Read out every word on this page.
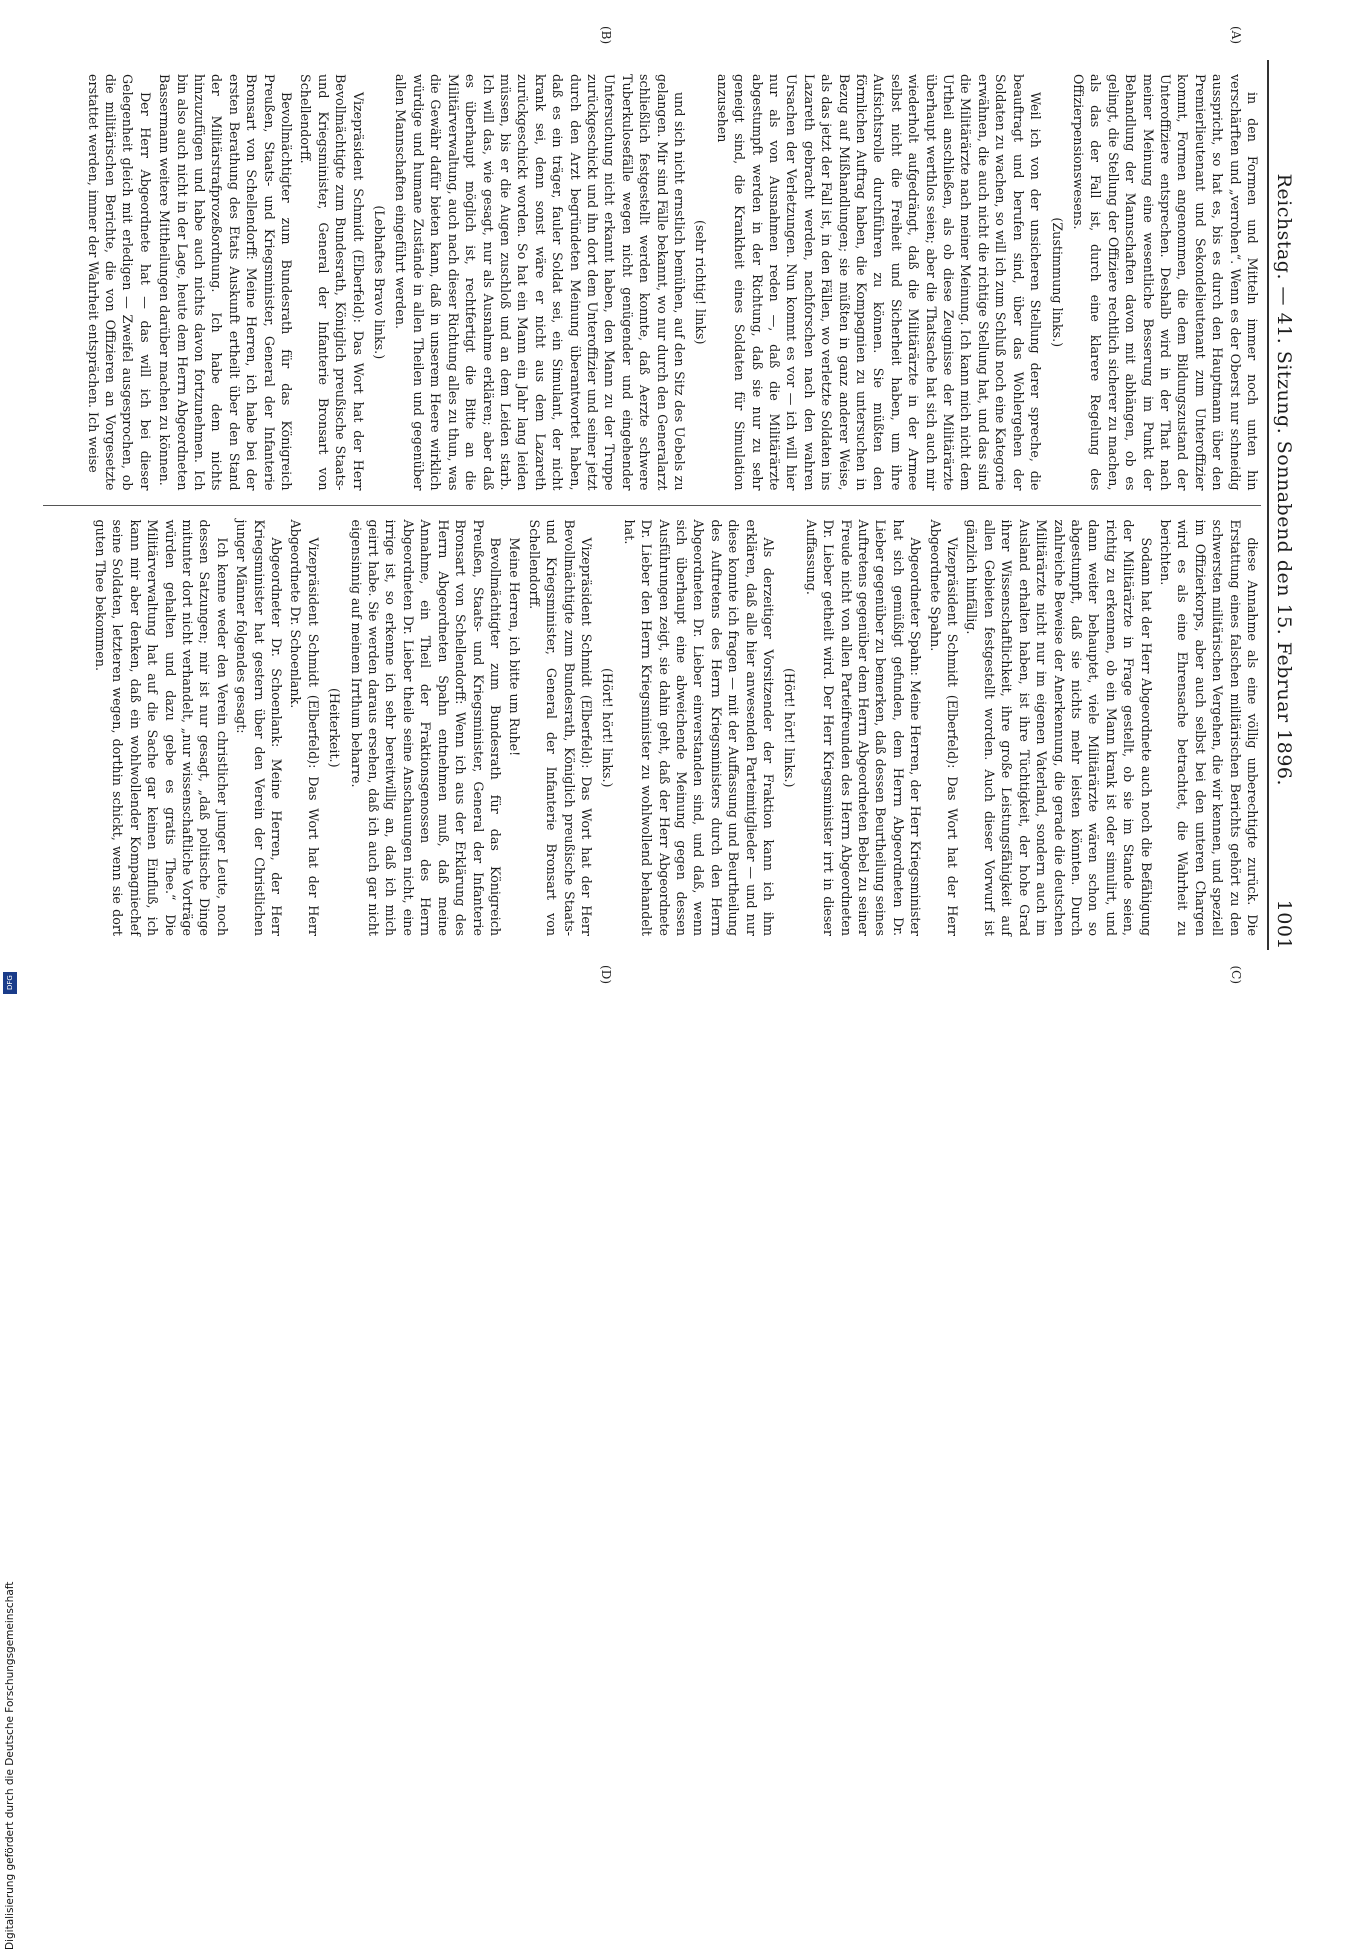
Digitalisierung gefördert durch die Deutsche Forschungsgemeinschaft
DFG
Reichstag. — 41. Sitzung. Sonnabend den 15. Februar 1896.
1001
(A)
(B)
(C)
(D)

in den Formen und Mitteln immer noch unten hin verschärften und „verrohen“. Wenn es der Oberst nur schneidig ausspricht, so hat es, bis es durch den Hauptmann über den Premierlieutenant und Sekondelieutenant zum Unteroffizier kommt, Formen angenommen, die dem Bildungszustand der Unteroffiziere entsprechen. Deshalb wird in der That nach meiner Meinung eine wesentliche Besserung im Punkt der Behandlung der Mannschaften davon mit abhängen, ob es gelingt, die Stellung der Offiziere rechtlich sicherer zu machen, als das der Fall ist, durch eine klarere Regelung des Offizierpensionswesens.

(Zustimmung links.)

Weil ich von der unsicheren Stellung derer spreche, die beauftragt und berufen sind, über das Wohlergehen der Soldaten zu wachen, so will ich zum Schluß noch eine Kategorie erwähnen, die auch nicht die richtige Stellung hat, und das sind die Militärärzte nach meiner Meinung. Ich kann mich nicht dem Urtheil anschließen, als ob diese Zeugnisse der Militärärzte überhaupt werthlos seien; aber die Thatsache hat sich auch mir wiederholt aufgedrängt, daß die Militärärzte in der Armee selbst nicht die Freiheit und Sicherheit haben, um ihre Aufsichtsrolle durchführen zu können. Sie müßten den förmlichen Auftrag haben, die Kompagnien zu untersuchen in Bezug auf Mißhandlungen; sie müßten in ganz anderer Weise, als das jetzt der Fall ist, in den Fällen, wo verletzte Soldaten ins Lazareth gebracht werden, nachforschen nach den wahren Ursachen der Verletzungen. Nun kommt es vor — ich will hier nur als von Ausnahmen reden —, daß die Militärärzte abgestumpft werden in der Richtung, daß sie nur zu sehr geneigt sind, die Krankheit eines Soldaten für Simulation anzusehen

(sehr richtig! links)

und sich nicht ernstlich bemühen, auf den Sitz des Uebels zu gelangen. Mir sind Fälle bekannt, wo nur durch den Generalarzt schließlich festgestellt werden konnte, daß Aerzte schwere Tuberkulosefälle wegen nicht genügender und eingehender Untersuchung nicht erkannt haben, den Mann zu der Truppe zurückgeschickt und ihn dort dem Unteroffizier und seiner jetzt durch den Arzt begründeten Meinung überantwortet haben, daß es ein träger, fauler Soldat sei, ein Simulant, der nicht krank sei, denn sonst wäre er nicht aus dem Lazareth zurückgeschickt worden. So hat ein Mann ein Jahr lang leiden müssen, bis er die Augen zuschloß und an dem Leiden starb. Ich will das, wie gesagt, nur als Ausnahme erklären; aber daß es überhaupt möglich ist, rechtfertigt die Bitte an die Militärverwaltung, auch nach dieser Richtung alles zu thun, was die Gewähr dafür bieten kann, daß in unserem Heere wirklich würdige und humane Zustände in allen Theilen und gegenüber allen Mannschaften eingeführt werden.

(Lebhaftes Bravo links.)

Vizepräsident Schmidt (Elberfeld): Das Wort hat der Herr Bevollmächtigte zum Bundesrath, Königlich preußische Staats- und Kriegsminister, General der Infanterie Bronsart von Schellendorff.

Bevollmächtigter zum Bundesrath für das Königreich Preußen, Staats- und Kriegsminister, General der Infanterie Bronsart von Schellendorff: Meine Herren, ich habe bei der ersten Berathung des Etats Auskunft ertheilt über den Stand der Militärstrafprozeßordnung. Ich habe dem nichts hinzuzufügen und habe auch nichts davon fortzunehmen. Ich bin also auch nicht in der Lage, heute dem Herrn Abgeordneten Bassermann weitere Mittheilungen darüber machen zu können.

Der Herr Abgeordnete hat — das will ich bei dieser Gelegenheit gleich mit erledigen — Zweifel ausgesprochen, ob die militärischen Berichte, die von Offizieren an Vorgesetzte erstattet werden, immer der Wahrheit entsprächen. Ich weise

diese Annahme als eine völlig unberechtigte zurück. Die Erstattung eines falschen militärischen Berichts gehört zu den schwersten militärischen Vergehen, die wir kennen, und speziell im Offizierkorps, aber auch selbst bei den unteren Chargen wird es als eine Ehrensache betrachtet, die Wahrheit zu berichten.

Sodann hat der Herr Abgeordnete auch noch die Befähigung der Militärärzte in Frage gestellt, ob sie im Stande seien, richtig zu erkennen, ob ein Mann krank ist oder simulirt, und dann weiter behauptet, viele Militärärzte wären schon so abgestumpft, daß sie nichts mehr leisten könnten. Durch zahlreiche Beweise der Anerkennung, die gerade die deutschen Militärärzte nicht nur im eigenen Vaterland, sondern auch im Ausland erhalten haben, ist ihre Tüchtigkeit, der hohe Grad ihrer Wissenschaftlichkeit, ihre große Leistungsfähigkeit auf allen Gebieten festgestellt worden. Auch dieser Vorwurf ist gänzlich hinfällig.

Vizepräsident Schmidt (Elberfeld): Das Wort hat der Herr Abgeordnete Spahn.

Abgeordneter Spahn: Meine Herren, der Herr Kriegsminister hat sich gemüßigt gefunden, dem Herrn Abgeordneten Dr. Lieber gegenüber zu bemerken, daß dessen Beurtheilung seines Auftretens gegenüber dem Herrn Abgeordneten Bebel zu seiner Freude nicht von allen Parteifreunden des Herrn Abgeordneten Dr. Lieber getheilt wird. Der Herr Kriegsminister irrt in dieser Auffassung.

(Hört! hört! links.)

Als derzeitiger Vorsitzender der Fraktion kann ich ihm erklären, daß alle hier anwesenden Parteimitglieder — und nur diese konnte ich fragen — mit der Auffassung und Beurtheilung des Auftretens des Herrn Kriegsministers durch den Herrn Abgeordneten Dr. Lieber einverstanden sind, und daß, wenn sich überhaupt eine abweichende Meinung gegen dessen Ausführungen zeigt, sie dahin geht, daß der Herr Abgeordnete Dr. Lieber den Herrn Kriegsminister zu wohlwollend behandelt hat.

(Hört! hört! links.)

Vizepräsident Schmidt (Elberfeld): Das Wort hat der Herr Bevollmächtigte zum Bundesrath, Königlich preußische Staats- und Kriegsminister, General der Infanterie Bronsart von Schellendorff.

Meine Herren, ich bitte um Ruhe!

Bevollmächtigter zum Bundesrath für das Königreich Preußen, Staats- und Kriegsminister, General der Infanterie Bronsart von Schellendorff: Wenn ich aus der Erklärung des Herrn Abgeordneten Spahn entnehmen muß, daß meine Annahme, ein Theil der Fraktionsgenossen des Herrn Abgeordneten Dr. Lieber theile seine Anschauungen nicht, eine irrige ist, so erkenne ich sehr bereitwillig an, daß ich mich geirrt habe. Sie werden daraus ersehen, daß ich auch gar nicht eigensinnig auf meinem Irrthum beharre.

(Heiterkeit.)

Vizepräsident Schmidt (Elberfeld): Das Wort hat der Herr Abgeordnete Dr. Schoenlank.

Abgeordneter Dr. Schoenlank: Meine Herren, der Herr Kriegsminister hat gestern über den Verein der Christlichen junger Männer folgendes gesagt:

Ich kenne weder den Verein christlicher junger Leute, noch dessen Satzungen; mir ist nur gesagt, „daß politische Dinge mitunter dort nicht verhandelt, „nur wissenschaftliche Vorträge würden gehalten und dazu gebe es gratis Thee.“ Die Militärverwaltung hat auf die Sache gar keinen Einfluß, ich kann mir aber denken, daß ein wohlwollender Kompagniechef seine Soldaten, letzteren wegen, dorthin schickt, wenn sie dort guten Thee bekommen.
